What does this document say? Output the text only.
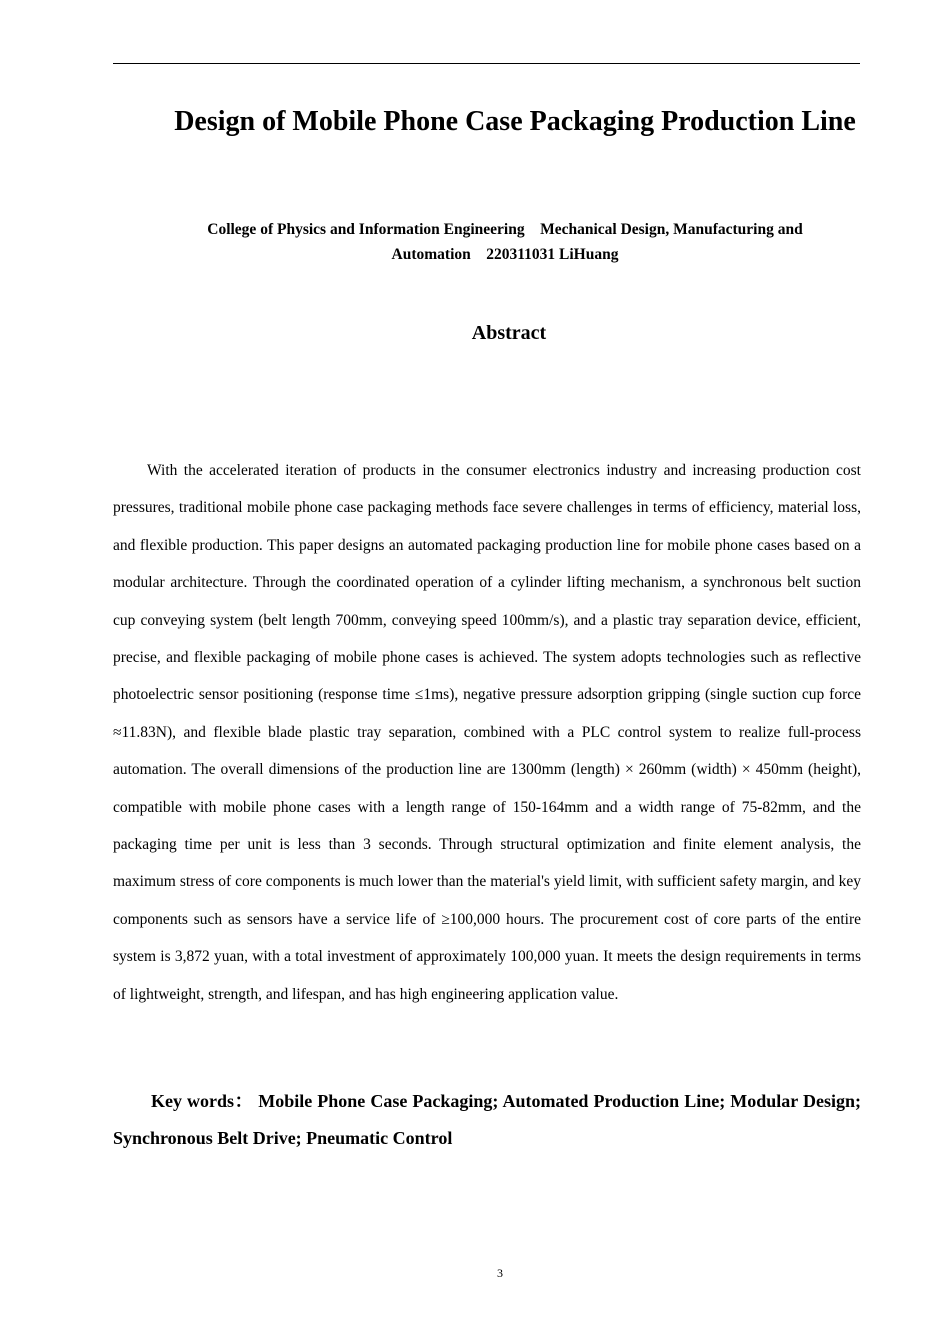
Design of Mobile Phone Case Packaging Production Line

College of Physics and Information Engineering    Mechanical Design, Manufacturing and Automation    220311031 LiHuang

Abstract

With the accelerated iteration of products in the consumer electronics industry and increasing production cost pressures, traditional mobile phone case packaging methods face severe challenges in terms of efficiency, material loss, and flexible production. This paper designs an automated packaging production line for mobile phone cases based on a modular architecture. Through the coordinated operation of a cylinder lifting mechanism, a synchronous belt suction cup conveying system (belt length 700mm, conveying speed 100mm/s), and a plastic tray separation device, efficient, precise, and flexible packaging of mobile phone cases is achieved. The system adopts technologies such as reflective photoelectric sensor positioning (response time ≤1ms), negative pressure adsorption gripping (single suction cup force ≈11.83N), and flexible blade plastic tray separation, combined with a PLC control system to realize full-process automation. The overall dimensions of the production line are 1300mm (length) × 260mm (width) × 450mm (height), compatible with mobile phone cases with a length range of 150-164mm and a width range of 75-82mm, and the packaging time per unit is less than 3 seconds. Through structural optimization and finite element analysis, the maximum stress of core components is much lower than the material's yield limit, with sufficient safety margin, and key components such as sensors have a service life of ≥100,000 hours. The procurement cost of core parts of the entire system is 3,872 yuan, with a total investment of approximately 100,000 yuan. It meets the design requirements in terms of lightweight, strength, and lifespan, and has high engineering application value.

Key words： Mobile Phone Case Packaging; Automated Production Line; Modular Design; Synchronous Belt Drive; Pneumatic Control

3
